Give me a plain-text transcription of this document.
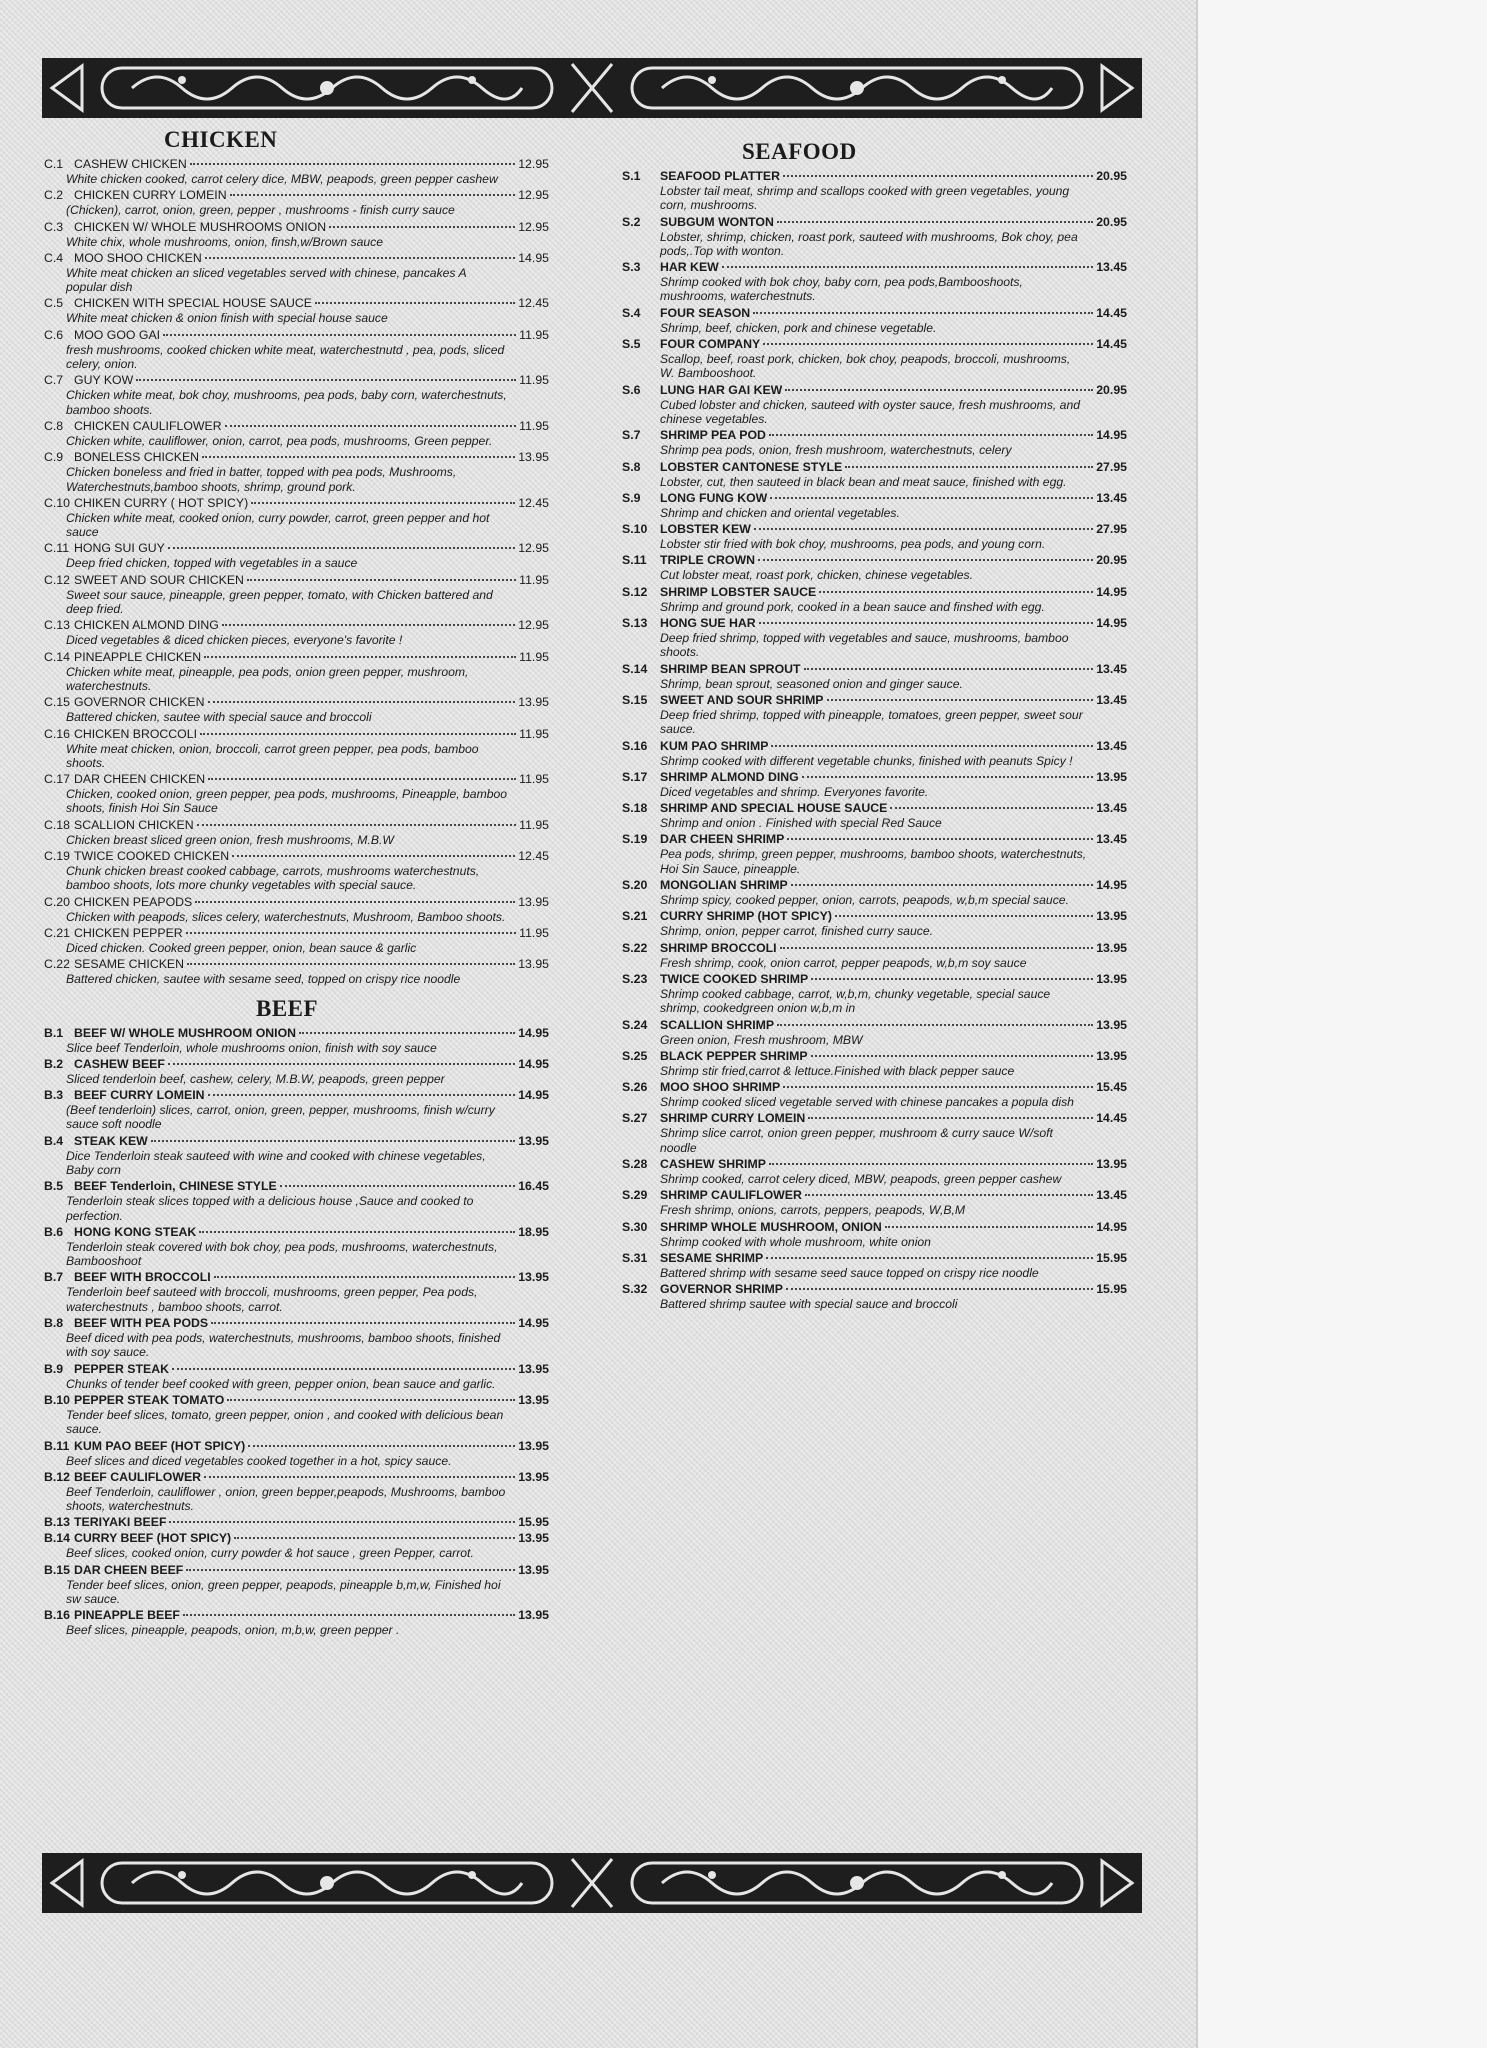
CHICKEN
C.1 CASHEW CHICKEN	12.95
White chicken cooked, carrot celery dice, MBW, peapods, green pepper cashew
C.2 CHICKEN CURRY LOMEIN	12.95
(Chicken), carrot, onion, green, pepper , mushrooms - finish curry sauce
C.3 CHICKEN W/ WHOLE MUSHROOMS ONION	12.95
White chix, whole mushrooms, onion, finsh,w/Brown sauce
C.4 MOO SHOO CHICKEN	14.95
White meat chicken an sliced vegetables served with chinese, pancakes A popular dish
C.5 CHICKEN WITH SPECIAL HOUSE SAUCE	12.45
White meat chicken & onion finish with special house sauce
C.6 MOO GOO GAI	11.95
fresh mushrooms, cooked chicken white meat, waterchestnutd , pea, pods, sliced celery, onion.
C.7 GUY KOW	11.95
Chicken white meat, bok choy, mushrooms, pea pods, baby corn, waterchestnuts, bamboo shoots.
C.8 CHICKEN CAULIFLOWER	11.95
Chicken white, cauliflower, onion, carrot, pea pods, mushrooms, Green pepper.
C.9 BONELESS CHICKEN	13.95
Chicken boneless and fried in batter, topped with pea pods, Mushrooms, Waterchestnuts,bamboo shoots, shrimp, ground pork.
C.10 CHIKEN CURRY ( HOT SPICY)	12.45
Chicken white meat, cooked onion, curry powder, carrot, green pepper and hot sauce
C.11 HONG SUI GUY	12.95
Deep fried chicken, topped with vegetables in a sauce
C.12 SWEET AND SOUR CHICKEN	11.95
Sweet sour sauce, pineapple, green pepper, tomato, with Chicken battered and deep fried.
C.13 CHICKEN ALMOND DING	12.95
Diced vegetables & diced chicken pieces, everyone's favorite !
C.14 PINEAPPLE CHICKEN	11.95
Chicken white meat, pineapple, pea pods, onion green pepper, mushroom, waterchestnuts.
C.15 GOVERNOR CHICKEN	13.95
Battered chicken, sautee with special sauce and broccoli
C.16 CHICKEN BROCCOLI	11.95
White meat chicken, onion, broccoli, carrot green pepper, pea pods, bamboo shoots.
C.17 DAR CHEEN CHICKEN	11.95
Chicken, cooked onion, green pepper, pea pods, mushrooms, Pineapple, bamboo shoots, finish Hoi Sin Sauce
C.18 SCALLION CHICKEN	11.95
Chicken breast sliced green onion, fresh mushrooms, M.B.W
C.19 TWICE COOKED CHICKEN	12.45
Chunk chicken breast cooked cabbage, carrots, mushrooms waterchestnuts, bamboo shoots, lots more chunky vegetables with special sauce.
C.20 CHICKEN PEAPODS	13.95
Chicken with peapods, slices celery, waterchestnuts, Mushroom, Bamboo shoots.
C.21 CHICKEN PEPPER	11.95
Diced chicken. Cooked green pepper, onion, bean sauce & garlic
C.22 SESAME CHICKEN	13.95
Battered chicken, sautee with sesame seed, topped on crispy rice noodle
BEEF
B.1 BEEF W/ WHOLE MUSHROOM ONION	14.95
Slice beef Tenderloin, whole mushrooms onion, finish with soy sauce
B.2 CASHEW BEEF	14.95
Sliced tenderloin beef, cashew, celery, M.B.W, peapods, green pepper
B.3 BEEF CURRY LOMEIN	14.95
(Beef tenderloin) slices, carrot, onion, green, pepper, mushrooms, finish w/curry sauce soft noodle
B.4 STEAK KEW	13.95
Dice Tenderloin steak sauteed with wine and cooked with chinese vegetables, Baby corn
B.5 BEEF Tenderloin, CHINESE STYLE	16.45
Tenderloin steak slices topped with a delicious house ,Sauce and cooked to perfection.
B.6 HONG KONG STEAK	18.95
Tenderloin steak covered with bok choy, pea pods, mushrooms, waterchestnuts, Bambooshoot
B.7 BEEF WITH BROCCOLI	13.95
Tenderloin beef sauteed with broccoli, mushrooms, green pepper, Pea pods, waterchestnuts , bamboo shoots, carrot.
B.8 BEEF WITH PEA PODS	14.95
Beef diced with pea pods, waterchestnuts, mushrooms, bamboo shoots, finished with soy sauce.
B.9 PEPPER STEAK	13.95
Chunks of tender beef cooked with green, pepper onion, bean sauce and garlic.
B.10 PEPPER STEAK TOMATO	13.95
Tender beef slices, tomato, green pepper, onion , and cooked with delicious bean sauce.
B.11 KUM PAO BEEF (HOT SPICY)	13.95
Beef slices and diced vegetables cooked together in a hot, spicy sauce.
B.12 BEEF CAULIFLOWER	13.95
Beef Tenderloin, cauliflower , onion, green bepper,peapods, Mushrooms, bamboo shoots, waterchestnuts.
B.13 TERIYAKI BEEF	15.95
B.14 CURRY BEEF (HOT SPICY)	13.95
Beef slices, cooked onion, curry powder & hot sauce , green Pepper, carrot.
B.15 DAR CHEEN BEEF	13.95
Tender beef slices, onion, green pepper, peapods, pineapple b,m,w, Finished hoi sw sauce.
B.16 PINEAPPLE BEEF	13.95
Beef slices, pineapple, peapods, onion, m,b,w, green pepper .
SEAFOOD
S.1	SEAFOOD PLATTER	20.95
Lobster tail meat, shrimp and scallops cooked with green vegetables, young corn, mushrooms.
S.2	SUBGUM WONTON	20.95
Lobster, shrimp, chicken, roast pork, sauteed with mushrooms, Bok choy, pea pods,.Top with wonton.
S.3	HAR KEW	13.45
Shrimp cooked with bok choy, baby corn, pea pods,Bambooshoots, mushrooms, waterchestnuts.
S.4	FOUR SEASON	14.45
Shrimp, beef, chicken, pork and chinese vegetable.
S.5	FOUR COMPANY	14.45
Scallop, beef, roast pork, chicken, bok choy, peapods, broccoli, mushrooms, W. Bambooshoot.
S.6	LUNG HAR GAI KEW	20.95
Cubed lobster and chicken, sauteed with oyster sauce, fresh mushrooms, and chinese vegetables.
S.7	SHRIMP PEA POD	14.95
Shrimp pea pods, onion, fresh mushroom, waterchestnuts, celery
S.8	LOBSTER CANTONESE STYLE	27.95
Lobster, cut, then sauteed in black bean and meat sauce, finished with egg.
S.9	LONG FUNG KOW	13.45
Shrimp and chicken and oriental vegetables.
S.10	LOBSTER KEW	27.95
Lobster stir fried with bok choy, mushrooms, pea pods, and young corn.
S.11	TRIPLE CROWN	20.95
Cut lobster meat, roast pork, chicken, chinese vegetables.
S.12	SHRIMP LOBSTER SAUCE	14.95
Shrimp and ground pork, cooked in a bean sauce and finshed with egg.
S.13	HONG SUE HAR	14.95
Deep fried shrimp, topped with vegetables and sauce, mushrooms, bamboo shoots.
S.14	SHRIMP BEAN SPROUT	13.45
Shrimp, bean sprout, seasoned onion and ginger sauce.
S.15	SWEET AND SOUR SHRIMP	13.45
Deep fried shrimp, topped with pineapple, tomatoes, green pepper, sweet sour sauce.
S.16	KUM PAO SHRIMP	13.45
Shrimp cooked with different vegetable chunks, finished with peanuts Spicy !
S.17	SHRIMP ALMOND DING	13.95
Diced vegetables and shrimp. Everyones favorite.
S.18	SHRIMP AND SPECIAL HOUSE SAUCE	13.45
Shrimp and onion . Finished with special Red Sauce
S.19	DAR CHEEN SHRIMP	13.45
Pea pods, shrimp, green pepper, mushrooms, bamboo shoots, waterchestnuts, Hoi Sin Sauce, pineapple.
S.20	MONGOLIAN SHRIMP	14.95
Shrimp spicy, cooked pepper, onion, carrots, peapods, w,b,m special sauce.
S.21	CURRY SHRIMP (HOT SPICY)	13.95
Shrimp, onion, pepper carrot, finished curry sauce.
S.22	SHRIMP BROCCOLI	13.95
Fresh shrimp, cook, onion carrot, pepper peapods, w,b,m soy sauce
S.23	TWICE COOKED SHRIMP	13.95
Shrimp cooked cabbage, carrot, w,b,m, chunky vegetable, special sauce shrimp, cookedgreen onion w,b,m in
S.24	SCALLION SHRIMP	13.95
Green onion, Fresh mushroom, MBW
S.25	BLACK PEPPER SHRIMP	13.95
Shrimp stir fried,carrot & lettuce.Finished with black pepper sauce
S.26	MOO SHOO SHRIMP	15.45
Shrimp cooked sliced vegetable served with chinese pancakes a popula dish
S.27	SHRIMP CURRY LOMEIN	14.45
Shrimp slice carrot, onion green pepper, mushroom & curry sauce W/soft noodle
S.28	CASHEW SHRIMP	13.95
Shrimp cooked, carrot celery diced, MBW, peapods, green pepper cashew
S.29	SHRIMP CAULIFLOWER	13.45
Fresh shrimp, onions, carrots, peppers, peapods, W,B,M
S.30	SHRIMP WHOLE MUSHROOM, ONION	14.95
Shrimp cooked with whole mushroom, white onion
S.31	SESAME SHRIMP	15.95
Battered shrimp with sesame seed sauce topped on crispy rice noodle
S.32	GOVERNOR SHRIMP	15.95
Battered shrimp sautee with special sauce and broccoli
